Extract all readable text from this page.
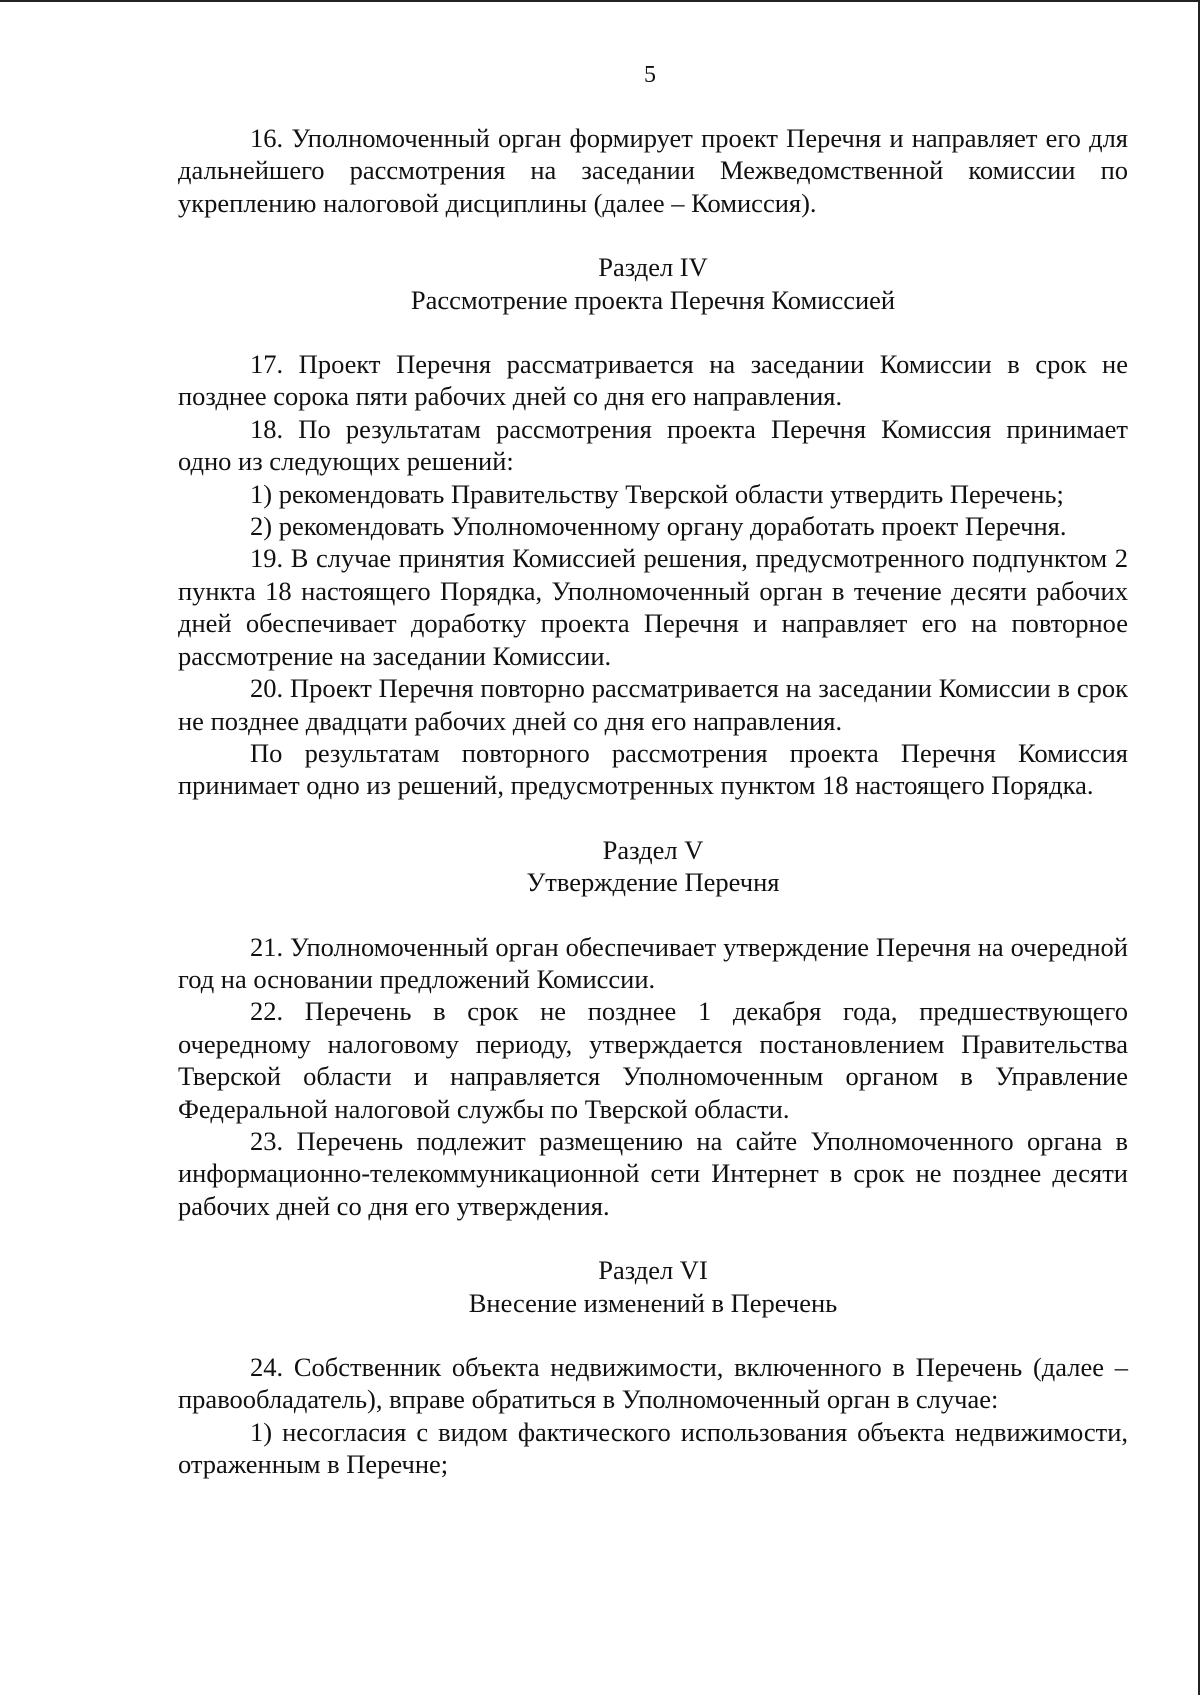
5

16. Уполномоченный орган формирует проект Перечня и направляет его для дальнейшего рассмотрения на заседании Межведомственной комиссии по укреплению налоговой дисциплины (далее – Комиссия).

Раздел IV

Рассмотрение проекта Перечня Комиссией

17. Проект Перечня рассматривается на заседании Комиссии в срок не позднее сорока пяти рабочих дней со дня его направления.

18. По результатам рассмотрения проекта Перечня Комиссия принимает одно из следующих решений:

1) рекомендовать Правительству Тверской области утвердить Перечень;

2) рекомендовать Уполномоченному органу доработать проект Перечня.

19. В случае принятия Комиссией решения, предусмотренного подпунктом 2 пункта 18 настоящего Порядка, Уполномоченный орган в течение десяти рабочих дней обеспечивает доработку проекта Перечня и направляет его на повторное рассмотрение на заседании Комиссии.

20. Проект Перечня повторно рассматривается на заседании Комиссии в срок не позднее двадцати рабочих дней со дня его направления.

По результатам повторного рассмотрения проекта Перечня Комиссия принимает одно из решений, предусмотренных пунктом 18 настоящего Порядка.

Раздел V

Утверждение Перечня

21. Уполномоченный орган обеспечивает утверждение Перечня на очередной год на основании предложений Комиссии.

22. Перечень в срок не позднее 1 декабря года, предшествующего очередному налоговому периоду, утверждается постановлением Правительства Тверской области и направляется Уполномоченным органом в Управление Федеральной налоговой службы по Тверской области.

23. Перечень подлежит размещению на сайте Уполномоченного органа в информационно-телекоммуникационной сети Интернет в срок не позднее десяти рабочих дней со дня его утверждения.

Раздел VI

Внесение изменений в Перечень

24. Собственник объекта недвижимости, включенного в Перечень (далее – правообладатель), вправе обратиться в Уполномоченный орган в случае:

1) несогласия с видом фактического использования объекта недвижимости, отраженным в Перечне;
